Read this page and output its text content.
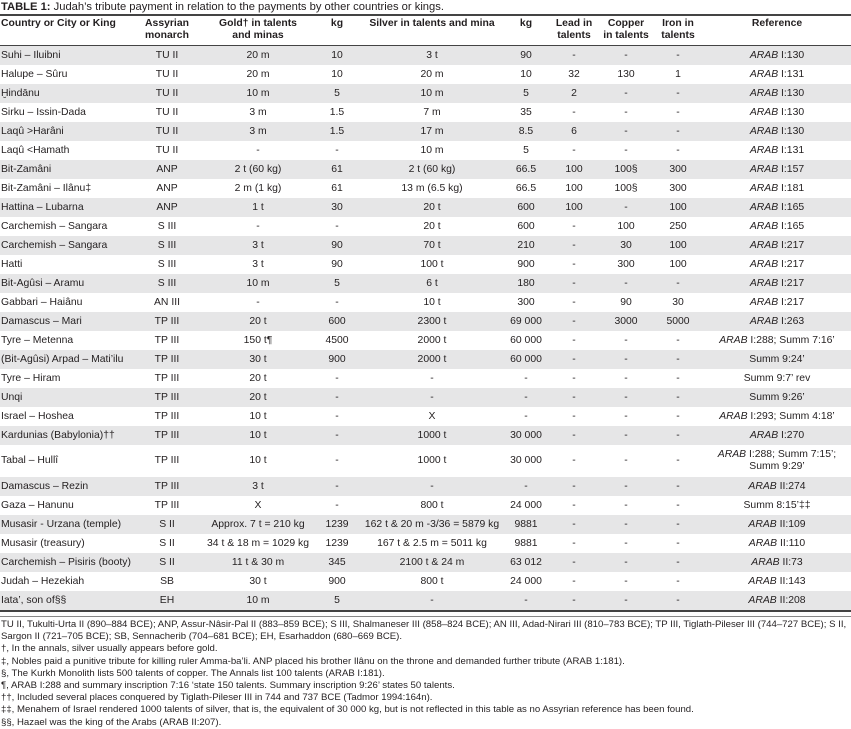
TABLE 1: Judah’s tribute payment in relation to the payments by other countries or kings.
Country or City or King	Assyrian monarch	Gold† in talents and minas	kg	Silver in talents and mina	kg	Lead in talents	Copper in talents	Iron in talents	Reference
Suhi – Iluibni	TU II	20 m	10	3 t	90	-	-	-	ARAB I:130
Halupe – Sûru	TU II	20 m	10	20 m	10	32	130	1	ARAB I:131
Ḫindānu	TU II	10 m	5	10 m	5	2	-	-	ARAB I:130
Sirku – Issin-Dada	TU II	3 m	1.5	7 m	35	-	-	-	ARAB I:130
Laqû >Harâni	TU II	3 m	1.5	17 m	8.5	6	-	-	ARAB I:130
Laqû <Hamath	TU II	-	-	10 m	5	-	-	-	ARAB I:131
Bit-Zamâni	ANP	2 t (60 kg)	61	2 t (60 kg)	66.5	100	100§	300	ARAB I:157
Bit-Zamâni – Ilânu‡	ANP	2 m (1 kg)	61	13 m (6.5 kg)	66.5	100	100§	300	ARAB I:181
Hattina – Lubarna	ANP	1 t	30	20 t	600	100	-	100	ARAB I:165
Carchemish – Sangara	S III	-	-	20 t	600	-	100	250	ARAB I:165
Carchemish – Sangara	S III	3 t	90	70 t	210	-	30	100	ARAB I:217
Hatti	S III	3 t	90	100 t	900	-	300	100	ARAB I:217
Bit-Agûsi – Aramu	S III	10 m	5	6 t	180	-	-	-	ARAB I:217
Gabbari – Haiânu	AN III	-	-	10 t	300	-	90	30	ARAB I:217
Damascus – Mari	TP III	20 t	600	2300 t	69 000	-	3000	5000	ARAB I:263
Tyre – Metenna	TP III	150 t¶	4500	2000 t	60 000	-	-	-	ARAB I:288; Summ 7:16’
(Bit-Agûsi) Arpad – Mati’ilu	TP III	30 t	900	2000 t	60 000	-	-	-	Summ 9:24’
Tyre – Hiram	TP III	20 t	-	-	-	-	-	-	Summ 9:7’ rev
Unqi	TP III	20 t	-	-	-	-	-	-	Summ 9:26’
Israel – Hoshea	TP III	10 t	-	X	-	-	-	-	ARAB I:293; Summ 4:18’
Kardunias (Babylonia)††	TP III	10 t	-	1000 t	30 000	-	-	-	ARAB I:270
Tabal – Hullî	TP III	10 t	-	1000 t	30 000	-	-	-	ARAB I:288; Summ 7:15’; Summ 9:29’
Damascus – Rezin	TP III	3 t	-	-	-	-	-	-	ARAB II:274
Gaza – Hanunu	TP III	X	-	800 t	24 000	-	-	-	Summ 8:15’‡‡
Musasir - Urzana (temple)	S II	Approx. 7 t = 210 kg	1239	162 t & 20 m -3/36 = 5879 kg	9881	-	-	-	ARAB II:109
Musasir (treasury)	S II	34 t & 18 m = 1029 kg	1239	167 t & 2.5 m = 5011 kg	9881	-	-	-	ARAB II:110
Carchemish – Pisiris (booty)	S II	11 t & 30 m	345	2100 t & 24 m	63 012	-	-	-	ARAB II:73
Judah – Hezekiah	SB	30 t	900	800 t	24 000	-	-	-	ARAB II:143
Iata’, son of§§	EH	10 m	5	-	-	-	-	-	ARAB II:208
TU II, Tukulti-Urta II (890–884 BCE); ANP, Assur-Nâsir-Pal II (883–859 BCE); S III, Shalmaneser III (858–824 BCE); AN III, Adad-Nirari III (810–783 BCE); TP III, Tiglath-Pileser III (744–727 BCE); S II,
Sargon II (721–705 BCE); SB, Sennacherib (704–681 BCE); EH, Esarhaddon (680–669 BCE).
†, In the annals, silver usually appears before gold.
‡, Nobles paid a punitive tribute for killing ruler Amma-ba’li. ANP placed his brother Ilânu on the throne and demanded further tribute (ARAB 1:181).
§, The Kurkh Monolith lists 500 talents of copper. The Annals list 100 talents (ARAB I:181).
¶, ARAB I:288 and summary inscription 7:16 ‘state 150 talents. Summary inscription 9:26’ states 50 talents.
††, Included several places conquered by Tiglath-Pileser III in 744 and 737 BCE (Tadmor 1994:164n).
‡‡, Menahem of Israel rendered 1000 talents of silver, that is, the equivalent of 30 000 kg, but is not reflected in this table as no Assyrian reference has been found.
§§, Hazael was the king of the Arabs (ARAB II:207).
